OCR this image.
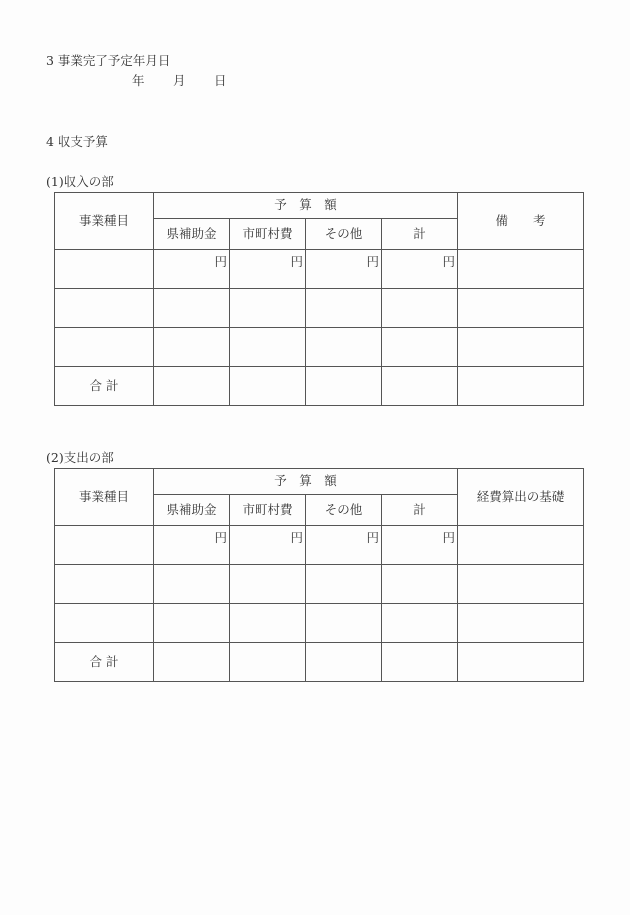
3 事業完了予定年月日
年 月 日
4 収支予算
(1)収入の部
事業種目	予　算　額				備　　考
	県補助金	市町村費	その他	計	
	円	円	円	円	

合 計					
(2)支出の部
事業種目	予　算　額				経費算出の基礎
	県補助金	市町村費	その他	計	
	円	円	円	円	

合 計					
